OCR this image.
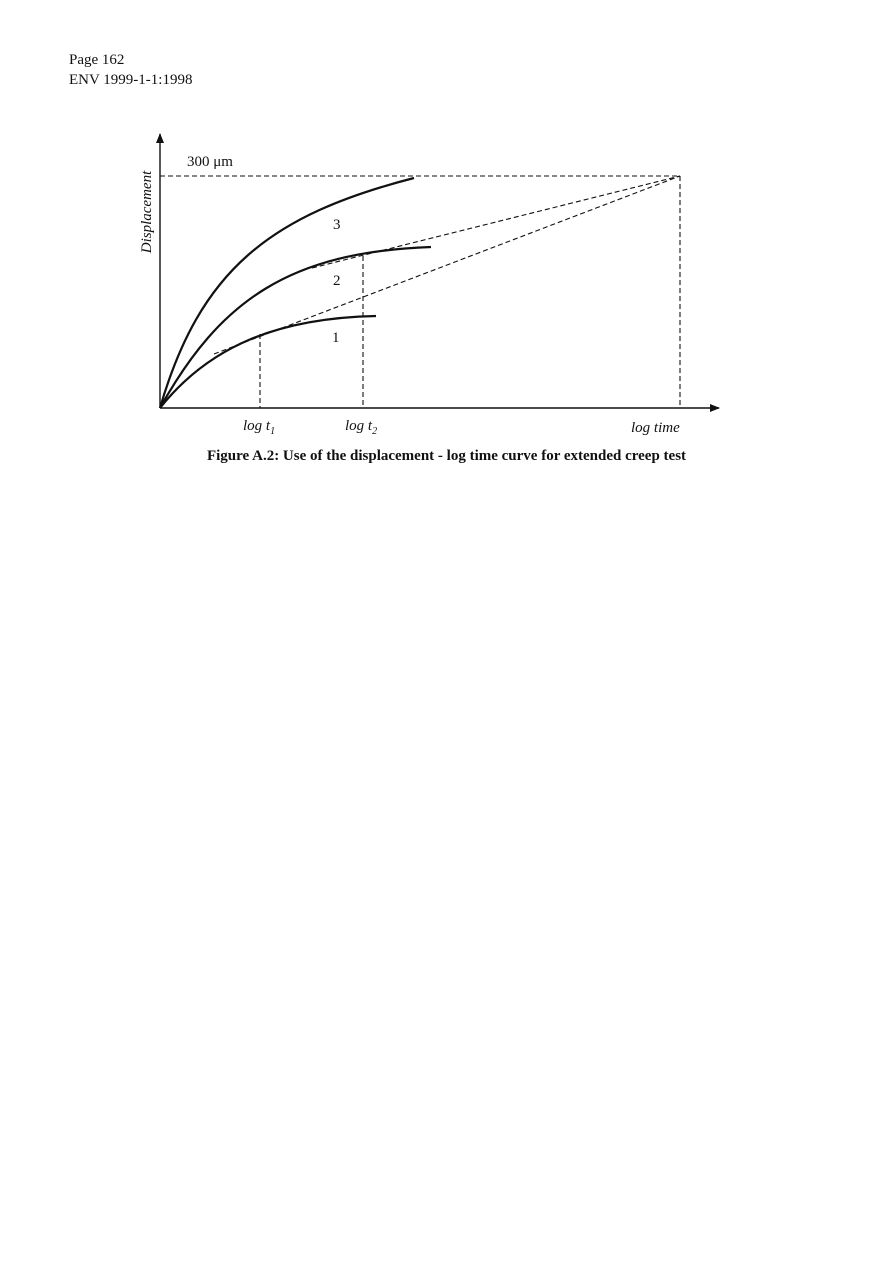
Page 162
ENV 1999-1-1:1998
Displacement
300 μm
3
2
1
$\log t_1$	$\log t_2$	log time
Figure A.2: Use of the displacement - log time curve for extended creep test
